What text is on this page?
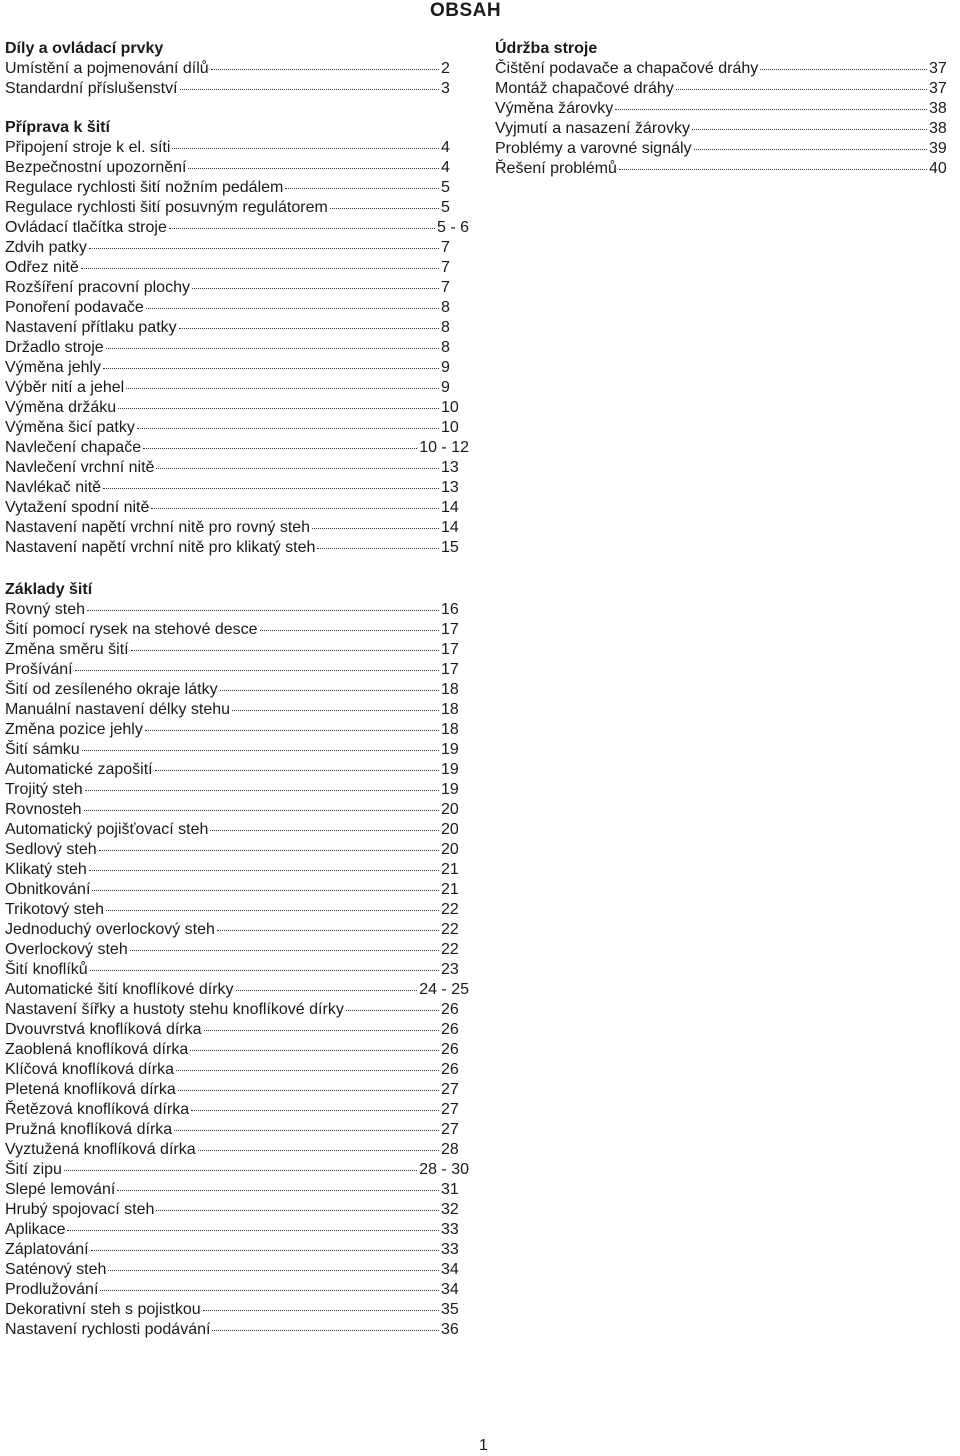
OBSAH
Díly a ovládací prvky
Umístění a pojmenování dílů	2
Standardní příslušenství	3
Příprava k šití
Připojení stroje k el. síti	4
Bezpečnostní upozornění	4
Regulace rychlosti šití nožním pedálem	5
Regulace rychlosti šití posuvným regulátorem	5
Ovládací tlačítka stroje	5 - 6
Zdvih patky	7
Odřez nitě	7
Rozšíření pracovní plochy	7
Ponoření podavače	8
Nastavení přítlaku patky	8
Držadlo stroje	8
Výměna jehly	9
Výběr nití a jehel	9
Výměna držáku	10
Výměna šicí patky	10
Navlečení chapače	10 - 12
Navlečení vrchní nitě	13
Navlékač nitě	13
Vytažení spodní nitě	14
Nastavení napětí vrchní nitě pro rovný steh	14
Nastavení napětí vrchní nitě pro klikatý steh	15
Základy šití
Rovný steh	16
Šití pomocí rysek na stehové desce	17
Změna směru šití	17
Prošívání	17
Šití od zesíleného okraje látky	18
Manuální nastavení délky stehu	18
Změna pozice jehly	18
Šití sámku	19
Automatické zapošití	19
Trojitý steh	19
Rovnosteh	20
Automatický pojišťovací steh	20
Sedlový steh	20
Klikatý steh	21
Obnitkování	21
Trikotový steh	22
Jednoduchý overlockový steh	22
Overlockový steh	22
Šití knoflíků	23
Automatické šití knoflíkové dírky	24 - 25
Nastavení šířky a hustoty stehu knoflíkové dírky	26
Dvouvrstvá knoflíková dírka	26
Zaoblená knoflíková dírka	26
Klíčová knoflíková dírka	26
Pletená knoflíková dírka	27
Řetězová knoflíková dírka	27
Pružná knoflíková dírka	27
Vyztužená knoflíková dírka	28
Šití zipu	28 - 30
Slepé lemování	31
Hrubý spojovací steh	32
Aplikace	33
Záplatování	33
Saténový steh	34
Prodlužování	34
Dekorativní steh s pojistkou	35
Nastavení rychlosti podávání	36
Údržba stroje
Čištění podavače a chapačové dráhy	37
Montáž chapačové dráhy	37
Výměna žárovky	38
Vyjmutí a nasazení žárovky	38
Problémy a varovné signály	39
Řešení problémů	40
1
